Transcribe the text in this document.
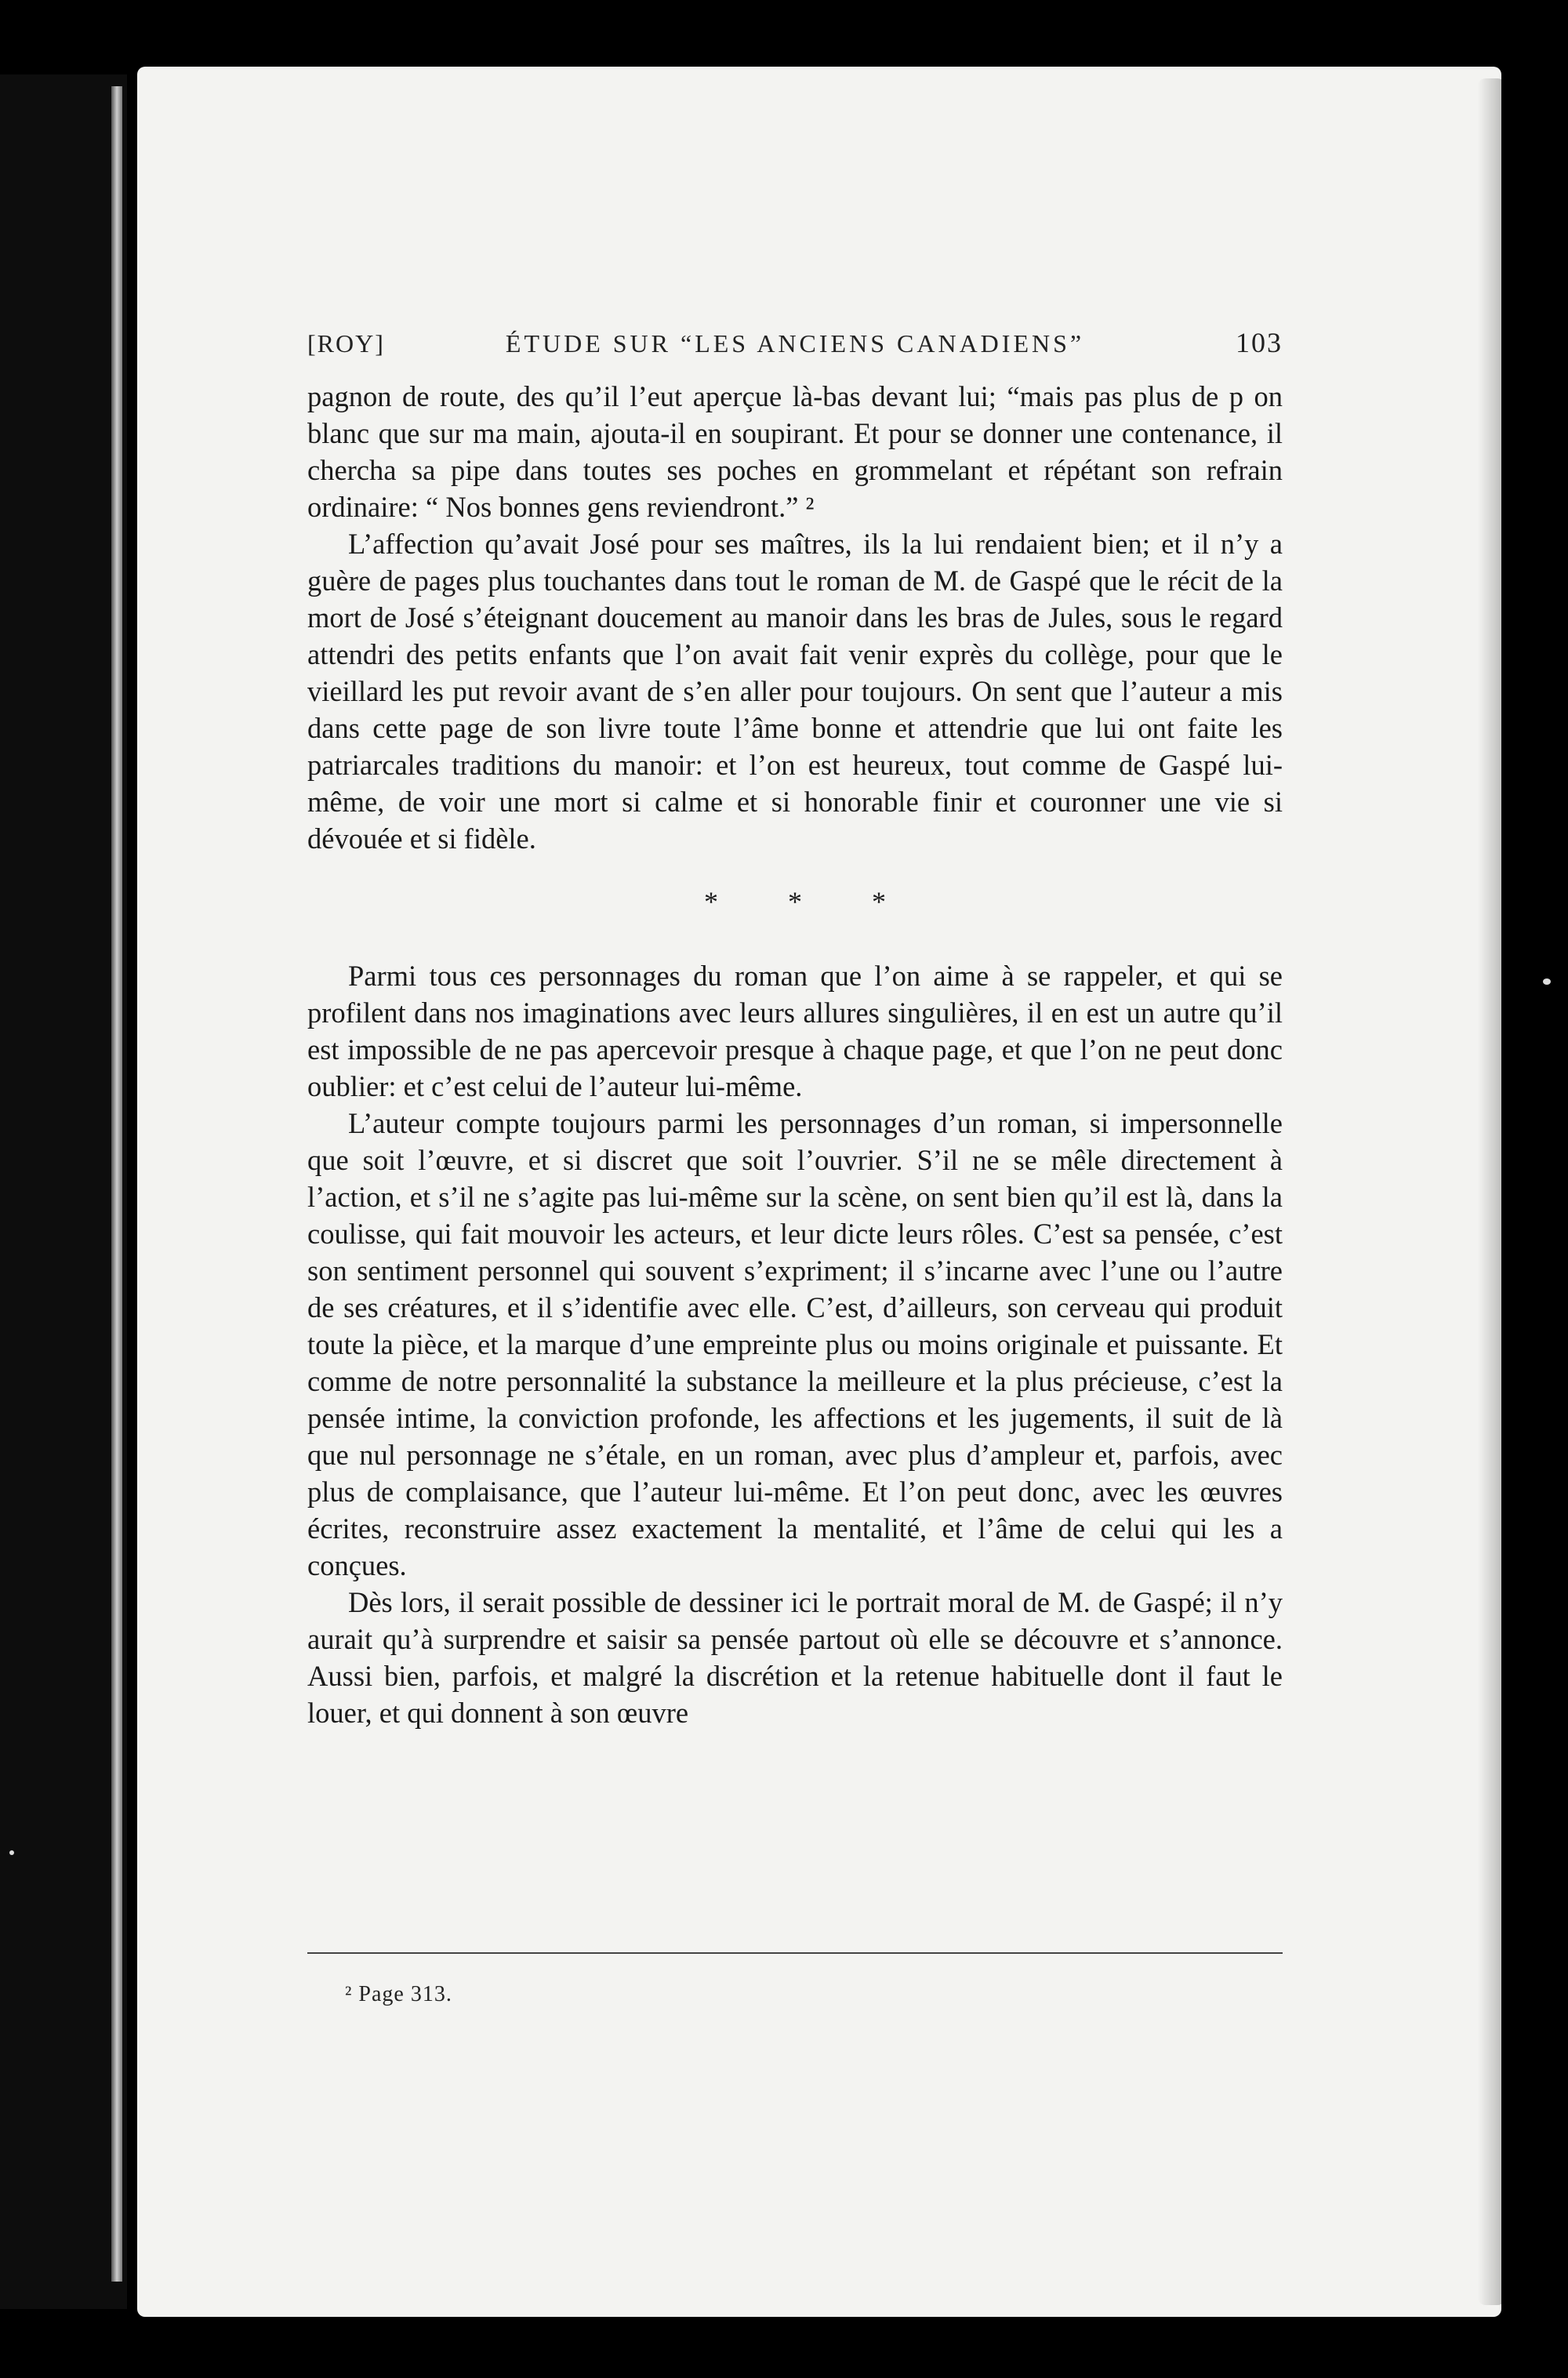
[ROY]	ÉTUDE SUR “LES ANCIENS CANADIENS”	103

pagnon de route, des qu’il l’eut aperçue là-bas devant lui; “mais pas plus de p on blanc que sur ma main, ajouta-il en soupirant. Et pour se donner une contenance, il chercha sa pipe dans toutes ses poches en grommelant et répétant son refrain ordinaire: “ Nos bonnes gens reviendront.” ²

L’affection qu’avait José pour ses maîtres, ils la lui rendaient bien; et il n’y a guère de pages plus touchantes dans tout le roman de M. de Gaspé que le récit de la mort de José s’éteignant doucement au manoir dans les bras de Jules, sous le regard attendri des petits enfants que l’on avait fait venir exprès du collège, pour que le vieillard les put revoir avant de s’en aller pour toujours. On sent que l’auteur a mis dans cette page de son livre toute l’âme bonne et attendrie que lui ont faite les patriarcales traditions du manoir: et l’on est heureux, tout comme de Gaspé lui-même, de voir une mort si calme et si honorable finir et couronner une vie si dévouée et si fidèle.

* * *

Parmi tous ces personnages du roman que l’on aime à se rappeler, et qui se profilent dans nos imaginations avec leurs allures singulières, il en est un autre qu’il est impossible de ne pas apercevoir presque à chaque page, et que l’on ne peut donc oublier: et c’est celui de l’auteur lui-même.

L’auteur compte toujours parmi les personnages d’un roman, si impersonnelle que soit l’œuvre, et si discret que soit l’ouvrier. S’il ne se mêle directement à l’action, et s’il ne s’agite pas lui-même sur la scène, on sent bien qu’il est là, dans la coulisse, qui fait mouvoir les acteurs, et leur dicte leurs rôles. C’est sa pensée, c’est son sentiment personnel qui souvent s’expriment; il s’incarne avec l’une ou l’autre de ses créatures, et il s’identifie avec elle. C’est, d’ailleurs, son cerveau qui produit toute la pièce, et la marque d’une empreinte plus ou moins originale et puissante. Et comme de notre personnalité la substance la meilleure et la plus précieuse, c’est la pensée intime, la conviction profonde, les affections et les jugements, il suit de là que nul personnage ne s’étale, en un roman, avec plus d’ampleur et, parfois, avec plus de complaisance, que l’auteur lui-même. Et l’on peut donc, avec les œuvres écrites, reconstruire assez exactement la mentalité, et l’âme de celui qui les a conçues.

Dès lors, il serait possible de dessiner ici le portrait moral de M. de Gaspé; il n’y aurait qu’à surprendre et saisir sa pensée partout où elle se découvre et s’annonce. Aussi bien, parfois, et malgré la discrétion et la retenue habituelle dont il faut le louer, et qui donnent à son œuvre

² Page 313.
